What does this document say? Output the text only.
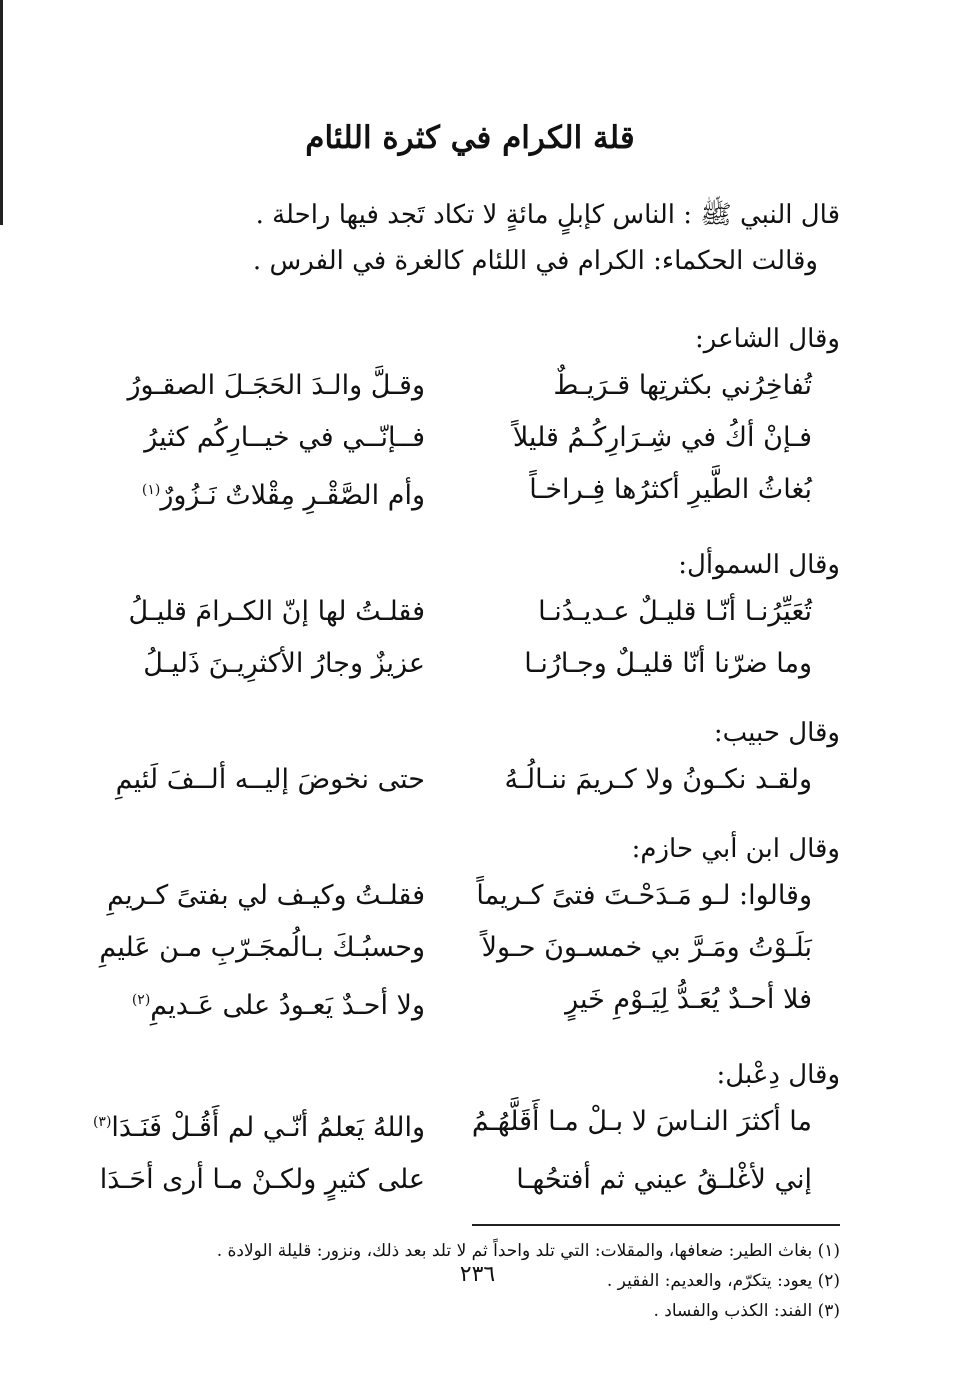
قلة الكرام في كثرة اللئام

قال النبي ﷺ : الناس كإبلٍ مائةٍ لا تكاد تَجد فيها راحلة .

وقالت الحكماء: الكرام في اللئام كالغرة في الفرس .

وقال الشاعر:
تُفاخِرُني بكثرتِها قـرَيـطٌ
وقـلَّ والـدَ الحَجَـلَ الصقـورُ
فـإنْ أكُ في شِـرَارِكُـمُ قليلاً
فــإنّــي في خيــارِكُم كثيرُ
بُغاثُ الطَّيرِ أكثرُها فِـراخـاً
وأم الصَّقْـرِ مِقْلاتٌ نَـزُورٌ$^{(١)}$
وقال السموأل:
تُعَيِّرُنـا أنّـا قليـلٌ عـديـدُنـا
فقلـتُ لها إنّ الكـرامَ قليـلُ
وما ضرّنا أنّا قليـلٌ وجـارُنـا
عزيزٌ وجارُ الأكثرِيـنَ ذَليـلُ
وقال حبيب:
ولقـد نكـونُ ولا كـريمَ ننـالُـهُ
حتى نخوضَ إليــه ألــفَ لَئيمِ
وقال ابن أبي حازم:
وقالوا: لـو مَـدَحْـتَ فتىً كـريماً
فقلـتُ وكيـف لي بفتىً كـريمِ
بَلَـوْتُ ومَـرَّ بي خمسـونَ حـولاً
وحسبُـكَ بـالُمجَـرّبِ مـن عَليمِ
فلا أحـدٌ يُعَـدُّ لِيَـوْمِ خَيرٍ
ولا أحـدٌ يَعـودُ على عَـديمِ$^{(٢)}$
وقال دِعْبل:
ما أكثرَ النـاسَ لا بـلْ مـا أَقَلَّهُـمُ
واللهُ يَعلمُ أنّـي لم أَقُـلْ فَنَـدَا$^{(٣)}$
إني لأغْلـقُ عيني ثم أفتحُهـا
على كثيرٍ ولكـنْ مـا أرى أحَـدَا
(١) بغاث الطير: ضعافها، والمقلات: التي تلد واحداً ثم لا تلد بعد ذلك، ونزور: قليلة الولادة .
(٢) يعود: يتكرّم، والعديم: الفقير .
(٣) الفند: الكذب والفساد .
٢٣٦
